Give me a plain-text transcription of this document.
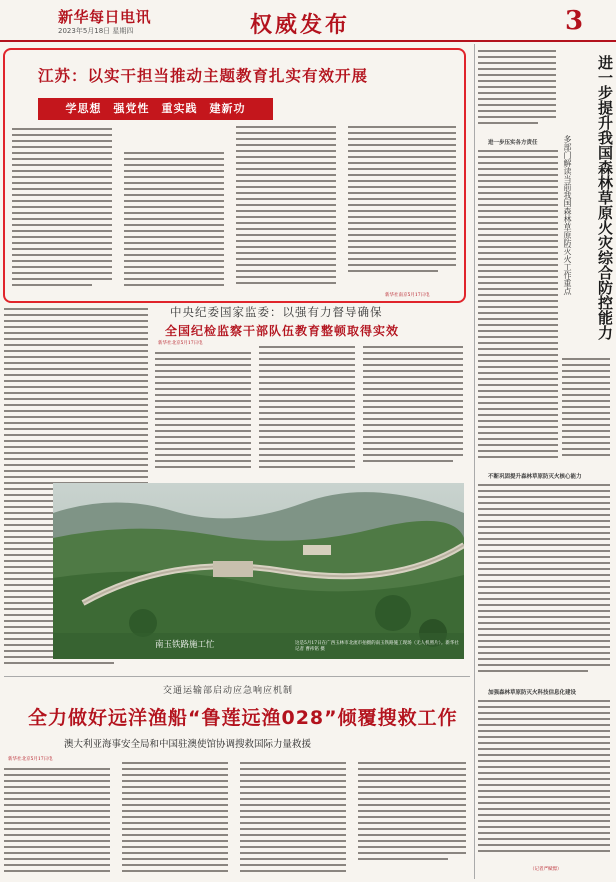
新华每日电讯
2023年5月18日 星期四	权威发布	3
江苏：以实干担当推动主题教育扎实有效开展
学思想　强党性　重实践　建新功
新华社南京5月17日电	进一步提升我国森林草原火灾综合防控能力
多部门解读当前我国森林草原防灭火工作重点
进一步压实各方责任
不断巩固提升森林草原防灭火核心能力
加强森林草原防灭火科技信息化建设
（记者严赋憬）
中央纪委国家监委：以强有力督导确保
全国纪检监察干部队伍教育整顿取得实效
新华社北京5月17日电
南玉铁路施工忙	这是5月17日在广西玉林市北流市拍摄的南玉铁路施工现场（无人机照片）。新华社记者 曹祎铭 摄
交通运输部启动应急响应机制
全力做好远洋渔船“鲁莲远渔028”倾覆搜救工作
澳大利亚海事安全局和中国驻澳使馆协调搜救国际力量救援
新华社北京5月17日电
